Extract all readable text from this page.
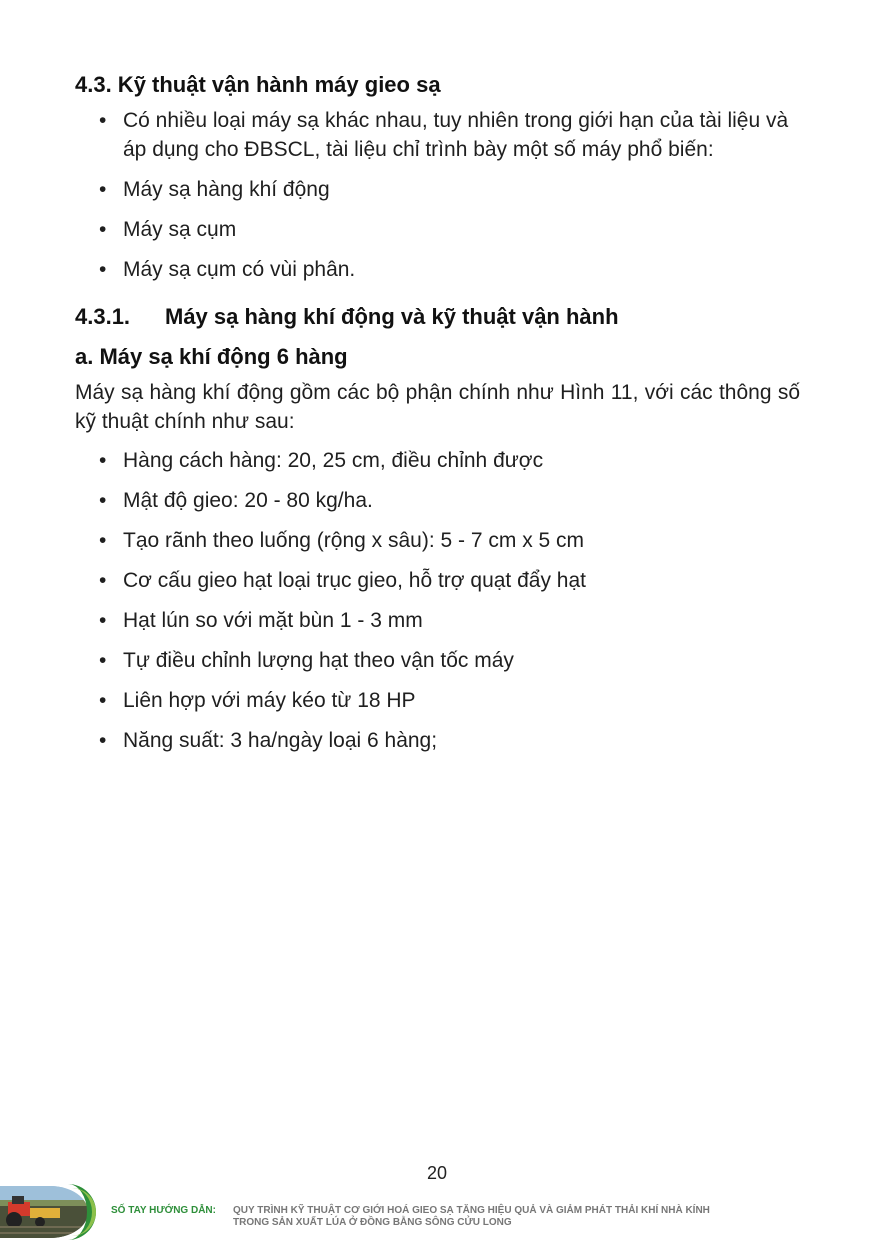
4.3. Kỹ thuật vận hành máy gieo sạ
• Có nhiều loại máy sạ khác nhau, tuy nhiên trong giới hạn của tài liệu và áp dụng cho ĐBSCL, tài liệu chỉ trình bày một số máy phổ biến:
• Máy sạ hàng khí động
• Máy sạ cụm
• Máy sạ cụm có vùi phân.
4.3.1. Máy sạ hàng khí động và kỹ thuật vận hành
a. Máy sạ khí động 6 hàng

Máy sạ hàng khí động gồm các bộ phận chính như Hình 11, với các thông số kỹ thuật chính như sau:

• Hàng cách hàng: 20, 25 cm, điều chỉnh được
• Mật độ gieo: 20 - 80 kg/ha.
• Tạo rãnh theo luống (rộng x sâu): 5 - 7 cm x 5 cm
• Cơ cấu gieo hạt loại trục gieo, hỗ trợ quạt đẩy hạt
• Hạt lún so với mặt bùn 1 - 3 mm
• Tự điều chỉnh lượng hạt theo vận tốc máy
• Liên hợp với máy kéo từ 18 HP
• Năng suất: 3 ha/ngày loại 6 hàng;
20
SỐ TAY HƯỚNG DẪN: QUY TRÌNH KỸ THUẬT CƠ GIỚI HOÁ GIEO SẠ TĂNG HIỆU QUẢ VÀ GIẢM PHÁT THẢI KHÍ NHÀ KÍNH
TRONG SẢN XUẤT LÚA Ở ĐỒNG BẰNG SÔNG CỬU LONG
